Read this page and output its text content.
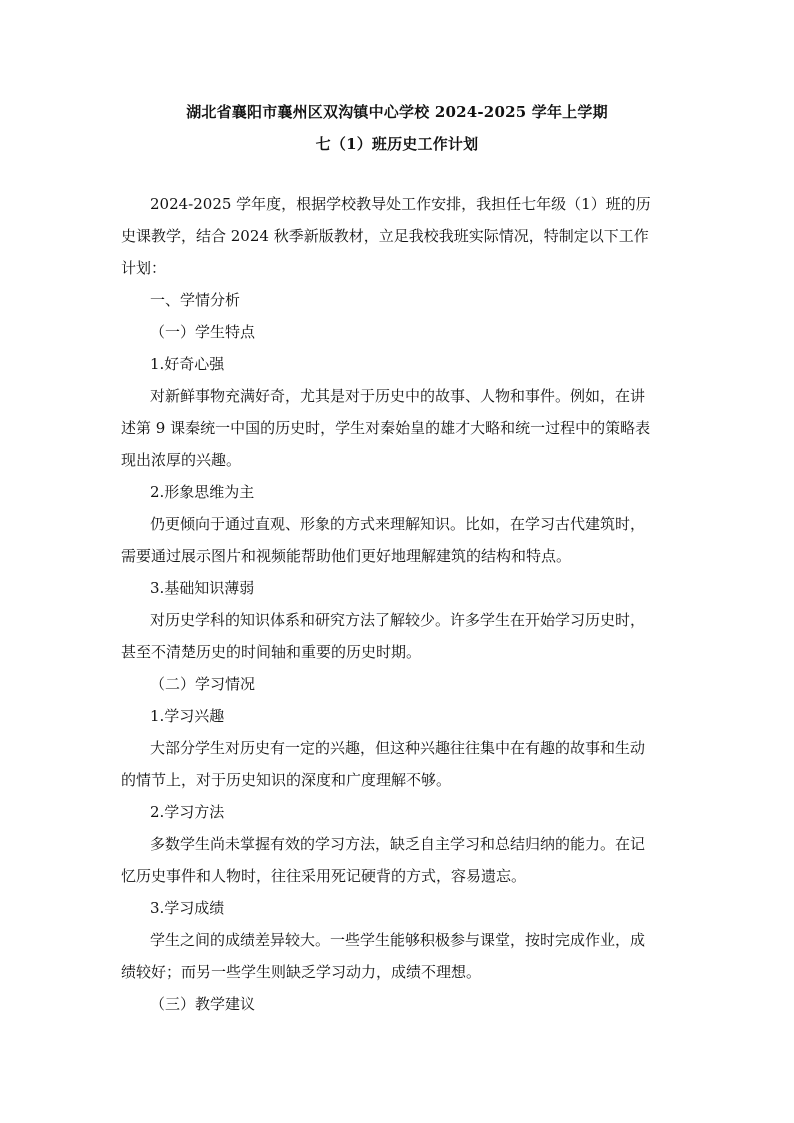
湖北省襄阳市襄州区双沟镇中心学校 2024-2025 学年上学期
七（1）班历史工作计划
2024-2025 学年度，根据学校教导处工作安排，我担任七年级（1）班的历
史课教学，结合 2024 秋季新版教材，立足我校我班实际情况，特制定以下工作
计划：
一、学情分析
（一）学生特点
1.好奇心强
对新鲜事物充满好奇，尤其是对于历史中的故事、人物和事件。例如，在讲
述第 9 课秦统一中国的历史时，学生对秦始皇的雄才大略和统一过程中的策略表
现出浓厚的兴趣。
2.形象思维为主
仍更倾向于通过直观、形象的方式来理解知识。比如，在学习古代建筑时，
需要通过展示图片和视频能帮助他们更好地理解建筑的结构和特点。
3.基础知识薄弱
对历史学科的知识体系和研究方法了解较少。许多学生在开始学习历史时，
甚至不清楚历史的时间轴和重要的历史时期。
（二）学习情况
1.学习兴趣
大部分学生对历史有一定的兴趣，但这种兴趣往往集中在有趣的故事和生动
的情节上，对于历史知识的深度和广度理解不够。
2.学习方法
多数学生尚未掌握有效的学习方法，缺乏自主学习和总结归纳的能力。在记
忆历史事件和人物时，往往采用死记硬背的方式，容易遗忘。
3.学习成绩
学生之间的成绩差异较大。一些学生能够积极参与课堂，按时完成作业，成
绩较好；而另一些学生则缺乏学习动力，成绩不理想。
（三）教学建议
